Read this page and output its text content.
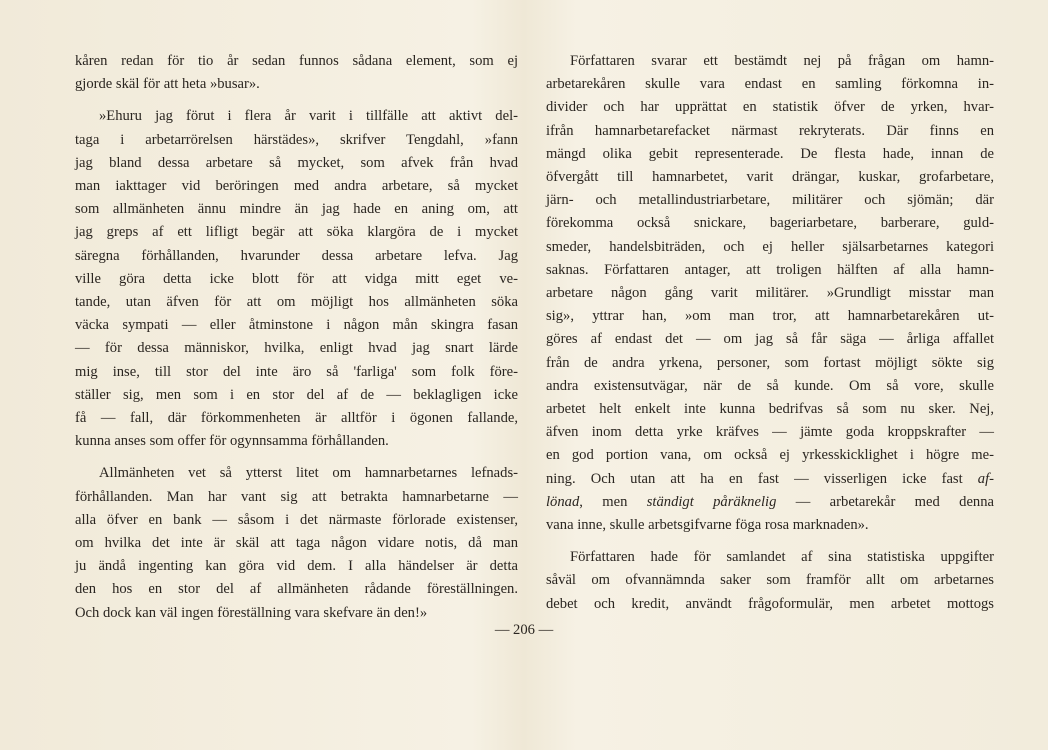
kåren redan för tio år sedan funnos sådana element, som ej
gjorde skäl för att heta »busar».
»Ehuru jag förut i flera år varit i tillfälle att aktivt del-
taga i arbetarrörelsen härstädes», skrifver Tengdahl, »fann
jag bland dessa arbetare så mycket, som afvek från hvad
man iakttager vid beröringen med andra arbetare, så mycket
som allmänheten ännu mindre än jag hade en aning om, att
jag greps af ett lifligt begär att söka klargöra de i mycket
säregna förhållanden, hvarunder dessa arbetare lefva. Jag
ville göra detta icke blott för att vidga mitt eget ve-
tande, utan äfven för att om möjligt hos allmänheten söka
väcka sympati — eller åtminstone i någon mån skingra fasan
— för dessa människor, hvilka, enligt hvad jag snart lärde
mig inse, till stor del inte äro så 'farliga' som folk före-
ställer sig, men som i en stor del af de — beklagligen icke
få — fall, där förkommenheten är alltför i ögonen fallande,
kunna anses som offer för ogynnsamma förhållanden.
Allmänheten vet så ytterst litet om hamnarbetarnes lefnads-
förhållanden. Man har vant sig att betrakta hamnarbetarne —
alla öfver en bank — såsom i det närmaste förlorade existenser,
om hvilka det inte är skäl att taga någon vidare notis, då man
ju ändå ingenting kan göra vid dem. I alla händelser är detta
den hos en stor del af allmänheten rådande föreställningen.
Och dock kan väl ingen föreställning vara skefvare än den!»
Författaren svarar ett bestämdt nej på frågan om hamn-
arbetarekåren skulle vara endast en samling förkomna in-
divider och har upprättat en statistik öfver de yrken, hvar-
ifrån hamnarbetarefacket närmast rekryterats. Där finns en
mängd olika gebit representerade. De flesta hade, innan de
öfvergått till hamnarbetet, varit drängar, kuskar, grofarbetare,
järn- och metallindustriarbetare, militärer och sjömän; där
förekomma också snickare, bageriarbetare, barberare, guld-
smeder, handelsbiträden, och ej heller själsarbetarnes kategori
saknas. Författaren antager, att troligen hälften af alla hamn-
arbetare någon gång varit militärer. »Grundligt misstar man
sig», yttrar han, »om man tror, att hamnarbetarekåren ut-
göres af endast det — om jag så får säga — årliga affallet
från de andra yrkena, personer, som fortast möjligt sökte sig
andra existensutvägar, när de så kunde. Om så vore, skulle
arbetet helt enkelt inte kunna bedrifvas så som nu sker. Nej,
äfven inom detta yrke kräfves — jämte goda kroppskrafter —
en god portion vana, om också ej yrkesskicklighet i högre me-
ning. Och utan att ha en fast — visserligen icke fast af-
lönad, men ständigt påräknelig — arbetarekår med denna
vana inne, skulle arbetsgifvarne föga rosa marknaden».
Författaren hade för samlandet af sina statistiska uppgifter
såväl om ofvannämnda saker som framför allt om arbetarnes
debet och kredit, användt frågoformulär, men arbetet mottogs
— 206 —
